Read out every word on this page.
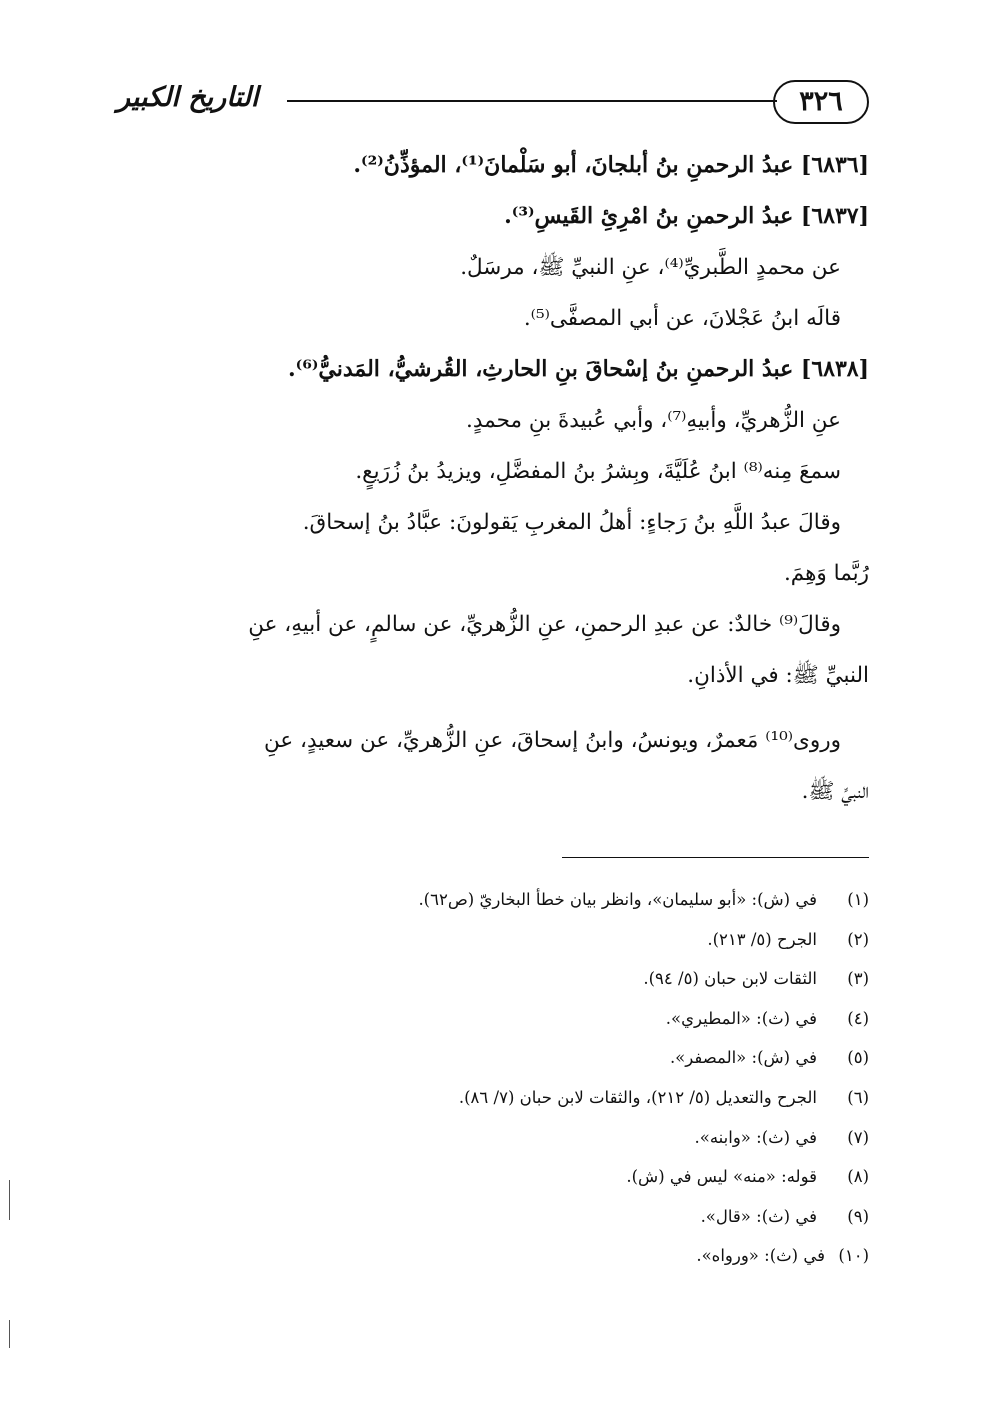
٣٢٦
التاريخ الكبير
[٦٨٣٦] عبدُ الرحمنِ بنُ أبلجانَ، أبو سَلْمانَ⁽¹⁾، المؤذِّنُ⁽²⁾.
[٦٨٣٧] عبدُ الرحمنِ بنُ امْرِئِ القَيسِ⁽³⁾.
عن محمدٍ الطَّبريِّ⁽⁴⁾، عنِ النبيِّ ﷺ، مرسَلٌ.
قالَه ابنُ عَجْلانَ، عن أبي المصفَّى⁽⁵⁾.
[٦٨٣٨] عبدُ الرحمنِ بنُ إسْحاقَ بنِ الحارثِ، القُرشيُّ، المَدنيُّ⁽⁶⁾.
عنِ الزُّهريِّ، وأبيهِ⁽⁷⁾، وأبي عُبيدةَ بنِ محمدٍ.
سمعَ مِنه⁽⁸⁾ ابنُ عُلَيَّةَ، وبِشرُ بنُ المفضَّلِ، ويزيدُ بنُ زُرَيعٍ.
وقالَ عبدُ اللَّهِ بنُ رَجاءٍ: أهلُ المغربِ يَقولونَ: عبَّادُ بنُ إسحاقَ.
رُبَّما وَهِمَ.
وقالَ⁽⁹⁾ خالدٌ: عن عبدِ الرحمنِ، عنِ الزُّهريِّ، عن سالمٍ، عن أبيهِ، عنِ
النبيِّ ﷺ: في الأذانِ.
وروى⁽¹⁰⁾ مَعمرٌ، ويونسُ، وابنُ إسحاقَ، عنِ الزُّهريِّ، عن سعيدٍ، عنِ
النبيِّ ﷺ.
(١)في (ش): «أبو سليمان»، وانظر بيان خطأ البخاريّ (ص٦٢).
(٢)الجرح (٥/ ٢١٣).
(٣)الثقات لابن حبان (٥/ ٩٤).
(٤)في (ث): «المطيري».
(٥)في (ش): «المصفر».
(٦)الجرح والتعديل (٥/ ٢١٢)، والثقات لابن حبان (٧/ ٨٦).
(٧)في (ث): «وابنه».
(٨)قوله: «منه» ليس في (ش).
(٩)في (ث): «قال».
(١٠)في (ث): «ورواه».
